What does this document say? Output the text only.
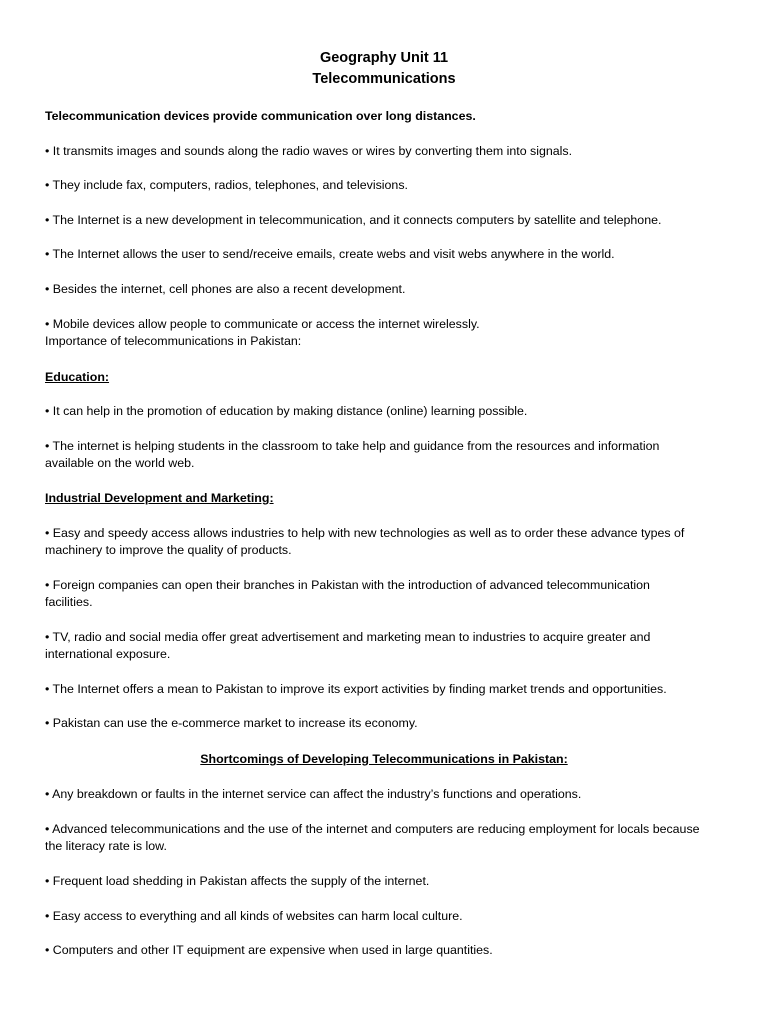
Geography Unit 11
Telecommunications
Telecommunication devices provide communication over long distances.
• It transmits images and sounds along the radio waves or wires by converting them into signals.
• They include fax, computers, radios, telephones, and televisions.
• The Internet is a new development in telecommunication, and it connects computers by satellite and telephone.
• The Internet allows the user to send/receive emails, create webs and visit webs anywhere in the world.
• Besides the internet, cell phones are also a recent development.
• Mobile devices allow people to communicate or access the internet wirelessly.
Importance of telecommunications in Pakistan:
Education:
• It can help in the promotion of education by making distance (online) learning possible.
• The internet is helping students in the classroom to take help and guidance from the resources and information
available on the world web.
Industrial Development and Marketing:
• Easy and speedy access allows industries to help with new technologies as well as to order these advance types of
machinery to improve the quality of products.
• Foreign companies can open their branches in Pakistan with the introduction of advanced telecommunication
facilities.
• TV, radio and social media offer great advertisement and marketing mean to industries to acquire greater and
international exposure.
• The Internet offers a mean to Pakistan to improve its export activities by finding market trends and opportunities.
• Pakistan can use the e-commerce market to increase its economy.
Shortcomings of Developing Telecommunications in Pakistan:
• Any breakdown or faults in the internet service can affect the industry’s functions and operations.
• Advanced telecommunications and the use of the internet and computers are reducing employment for locals because
the literacy rate is low.
• Frequent load shedding in Pakistan affects the supply of the internet.
• Easy access to everything and all kinds of websites can harm local culture.
• Computers and other IT equipment are expensive when used in large quantities.
